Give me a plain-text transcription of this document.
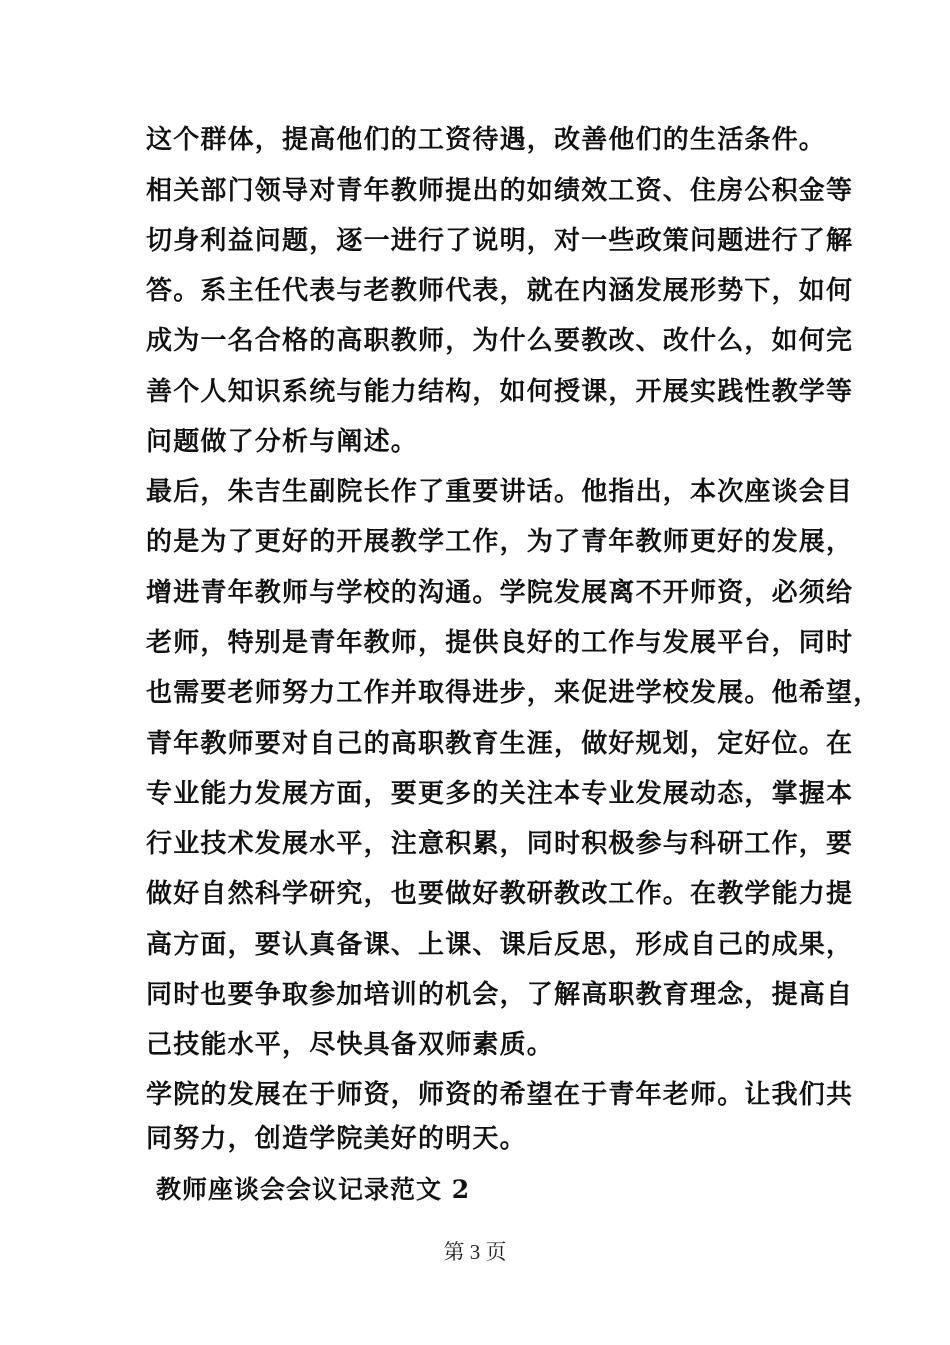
这个群体，提高他们的工资待遇，改善他们的生活条件。
相关部门领导对青年教师提出的如绩效工资、住房公积金等
切身利益问题，逐一进行了说明，对一些政策问题进行了解
答。系主任代表与老教师代表，就在内涵发展形势下，如何
成为一名合格的高职教师，为什么要教改、改什么，如何完
善个人知识系统与能力结构，如何授课，开展实践性教学等
问题做了分析与阐述。
最后，朱吉生副院长作了重要讲话。他指出，本次座谈会目
的是为了更好的开展教学工作，为了青年教师更好的发展，
增进青年教师与学校的沟通。学院发展离不开师资，必须给
老师，特别是青年教师，提供良好的工作与发展平台，同时
也需要老师努力工作并取得进步，来促进学校发展。他希望，
青年教师要对自己的高职教育生涯，做好规划，定好位。在
专业能力发展方面，要更多的关注本专业发展动态，掌握本
行业技术发展水平，注意积累，同时积极参与科研工作，要
做好自然科学研究，也要做好教研教改工作。在教学能力提
高方面，要认真备课、上课、课后反思，形成自己的成果，
同时也要争取参加培训的机会，了解高职教育理念，提高自
己技能水平，尽快具备双师素质。
学院的发展在于师资，师资的希望在于青年老师。让我们共
同努力，创造学院美好的明天。
教师座谈会会议记录范文 2
第 3 页
